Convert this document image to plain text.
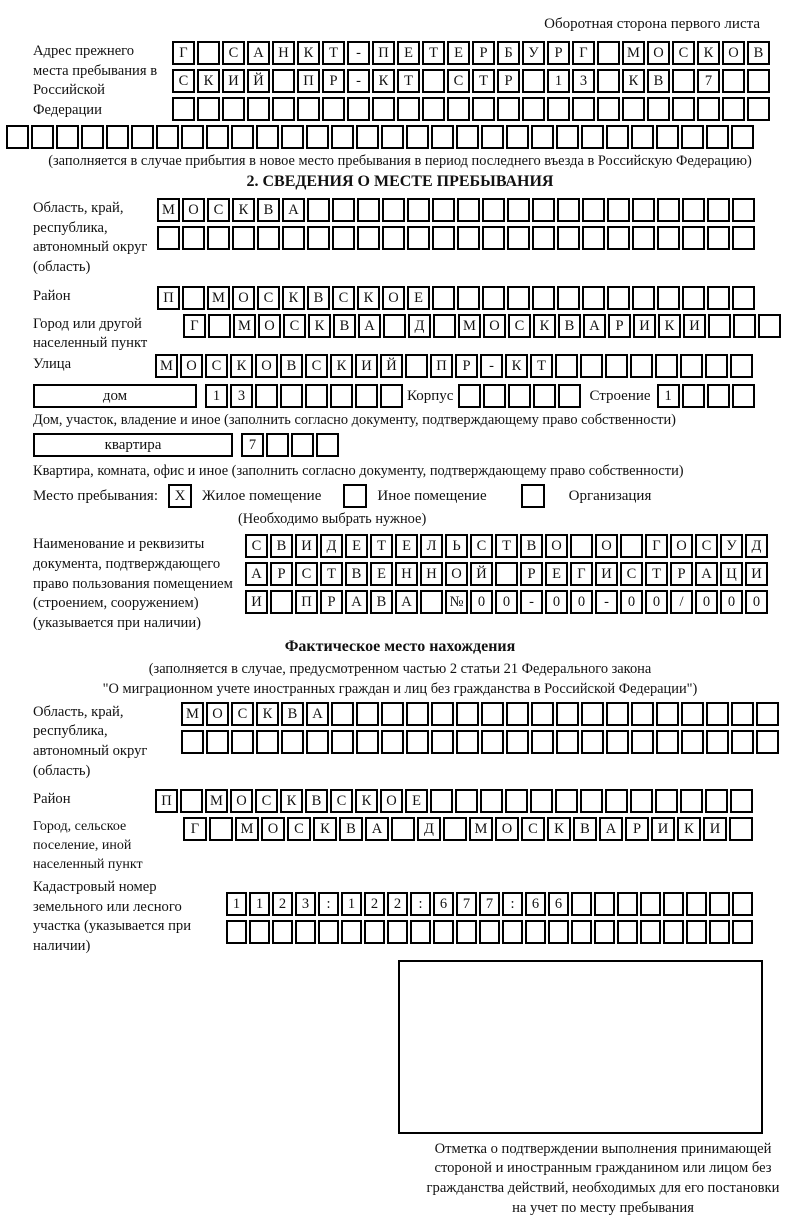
Оборотная сторона первого листа
Адрес прежнего места пребывания в Российской Федерации
Г	С	А	Н	К	Т	-	П	Е	Т	Е	Р	Б	У	Р	Г	М О	С	К	О	В
С	К	И	Й	П	Р	-	К	Т	С	Т	Р	1	3	К	В	7
(заполняется в случае прибытия в новое место пребывания в период последнего въезда в Российскую Федерацию)
2. СВЕДЕНИЯ О МЕСТЕ ПРЕБЫВАНИЯ
Область, край, республика, автономный округ (область)
М О	С	К	В	А
Район	П	М О	С	К	В	С	К	О	Е
Город или другой населенный пункт
Г	М О	С	К	В	А	Д	М О	С	К	В	А	Р	И	К	И
Улица	М О	С	К	О	В	С	К	И	Й	П	Р	-	К	Т
дом	1	3	Корпус	Строение 1
Дом, участок, владение и иное (заполнить согласно документу, подтверждающему право собственности)
квартира	7
Квартира, комната, офис и иное (заполнить согласно документу, подтверждающему право собственности)
Место пребывания:	X	Жилое помещение	Иное помещение	Организация
(Необходимо выбрать нужное)
Наименование и реквизиты документа, подтверждающего право пользования помещением (строением, сооружением) (указывается при наличии)
С	В	И	Д	Е	Т	Е	Л	Ь	С	Т	В	О	О	Г	О	С	У	Д
А	Р	С	Т	В	Е	Н	Н	О	Й	Р	Е	Г	И	С	Т	Р	А	Ц	И
И	П	Р	А	В	А	№ 0	0	-	0	0	-	0	0	/	0	0	0
Фактическое место нахождения
(заполняется в случае, предусмотренном частью 2 статьи 21 Федерального закона
"О миграционном учете иностранных граждан и лиц без гражданства в Российской Федерации")
Область, край, республика, автономный округ (область)
М О	С	К	В	А
Район	П	М О	С	К	В	С	К	О	Е
Город, сельское поселение, иной населенный пункт
Г	М О	С	К	В	А	Д	М О	С	К	В	А	Р	И	К	И
Кадастровый номер земельного или лесного участка (указывается при наличии)
1	1	2	3	:	1	2	2	:	6	7	7	:	6	6
Отметка о подтверждении выполнения принимающей
стороной и иностранным гражданином или лицом без
гражданства действий, необходимых для его постановки
на учет по месту пребывания
